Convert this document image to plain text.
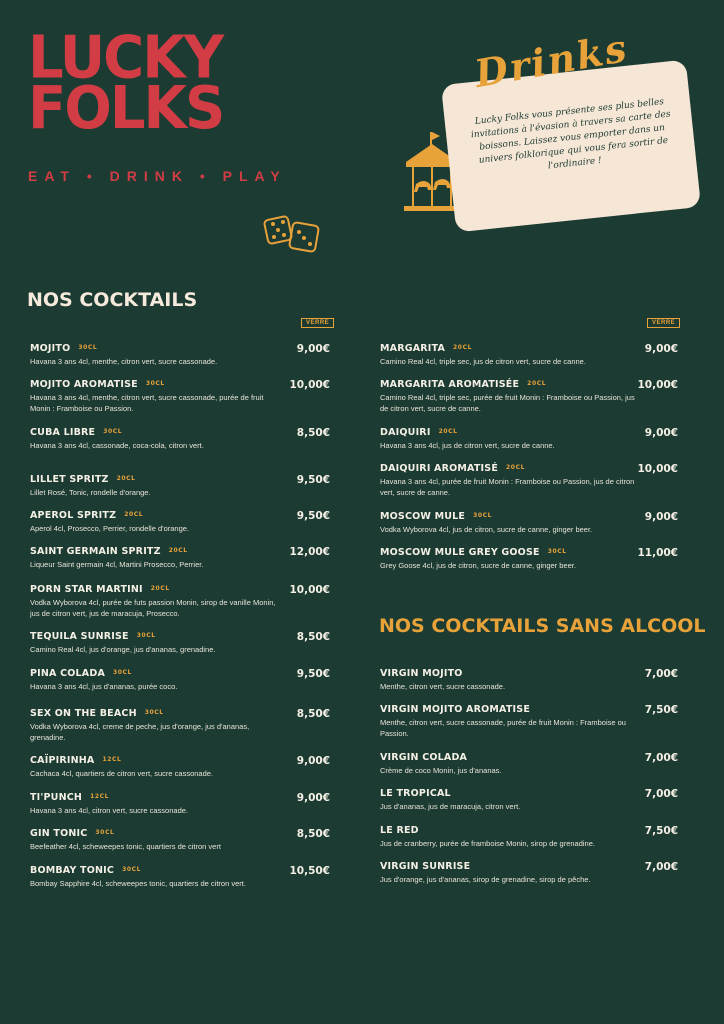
LUCKY
FOLKS
EAT • DRINK • PLAY
Lucky Folks vous présente ses plus belles invitations à l'évasion à travers sa carte des boissons. Laissez vous emporter dans un univers folklorique qui vous fera sortir de l'ordinaire !
Drinks
NOS COCKTAILS
VERRE	VERRE
MOJITO $^{30CL}$
Havana 3 ans 4cl, menthe, citron vert, sucre cassonade.
9,00€
MOJITO AROMATISE $^{30CL}$
Havana 3 ans 4cl, menthe, citron vert, sucre cassonade, purée de fruit Monin : Framboise ou Passion.
10,00€
CUBA LIBRE $^{30CL}$
Havana 3 ans 4cl, cassonade, coca-cola, citron vert.
8,50€
LILLET SPRITZ $^{20CL}$
Lillet Rosé, Tonic, rondelle d'orange.
9,50€
APEROL SPRITZ $^{20CL}$
Aperol 4cl, Prosecco, Perrier, rondelle d'orange.
9,50€
SAINT GERMAIN SPRITZ $^{20CL}$
Liqueur Saint germain 4cl, Martini Prosecco, Perrier.
12,00€
PORN STAR MARTINI $^{20CL}$
Vodka Wyborova 4cl, purée de futs passion Monin, sirop de vanille Monin, jus de citron vert, jus de maracuja, Prosecco.
10,00€
TEQUILA SUNRISE $^{30CL}$
Camino Real 4cl, jus d'orange, jus d'ananas, grenadine.
8,50€
PINA COLADA $^{30CL}$
Havana 3 ans 4cl, jus d'ananas, purée coco.
9,50€
SEX ON THE BEACH $^{30CL}$
Vodka Wyborova 4cl, creme de peche, jus d'orange, jus d'ananas, grenadine.
8,50€
CAÏPIRINHA $^{12CL}$
Cachaca 4cl, quartiers de citron vert, sucre cassonade.
9,00€
TI'PUNCH $^{12CL}$
Havana 3 ans 4cl, citron vert, sucre cassonade.
9,00€
GIN TONIC $^{30CL}$
Beefeather 4cl, scheweepes tonic, quartiers de citron vert
8,50€
BOMBAY TONIC $^{30CL}$
Bombay Sapphire 4cl, scheweepes tonic, quartiers de citron vert.
10,50€
MARGARITA $^{20CL}$
Camino Real 4cl, triple sec, jus de citron vert, sucre de canne.
9,00€
MARGARITA AROMATISÉE $^{20CL}$
Camino Real 4cl, triple sec, purée de fruit Monin : Framboise ou Passion, jus de citron vert, sucre de canne.
10,00€
DAIQUIRI $^{20CL}$
Havana 3 ans 4cl, jus de citron vert, sucre de canne.
9,00€
DAIQUIRI AROMATISÉ $^{20CL}$
Havana 3 ans 4cl, purée de fruit Monin : Framboise ou Passion, jus de citron vert, sucre de canne.
10,00€
MOSCOW MULE $^{30CL}$
Vodka Wyborova 4cl, jus de citron, sucre de canne, ginger beer.
9,00€
MOSCOW MULE GREY GOOSE $^{30CL}$
Grey Goose 4cl, jus de citron, sucre de canne, ginger beer.
11,00€
VIRGIN MOJITO
Menthe, citron vert, sucre cassonade.
7,00€
VIRGIN MOJITO AROMATISE
Menthe, citron vert, sucre cassonade, purée de fruit Monin : Framboise ou Passion.
7,50€
VIRGIN COLADA
Crème de coco Monin, jus d'ananas.
7,00€
LE TROPICAL
Jus d'ananas, jus de maracuja, citron vert.
7,00€
LE RED
Jus de cranberry, purée de framboise Monin, sirop de grenadine.
7,50€
VIRGIN SUNRISE
Jus d'orange, jus d'ananas, sirop de grenadine, sirop de pêche.
7,00€
NOS COCKTAILS SANS ALCOOL
